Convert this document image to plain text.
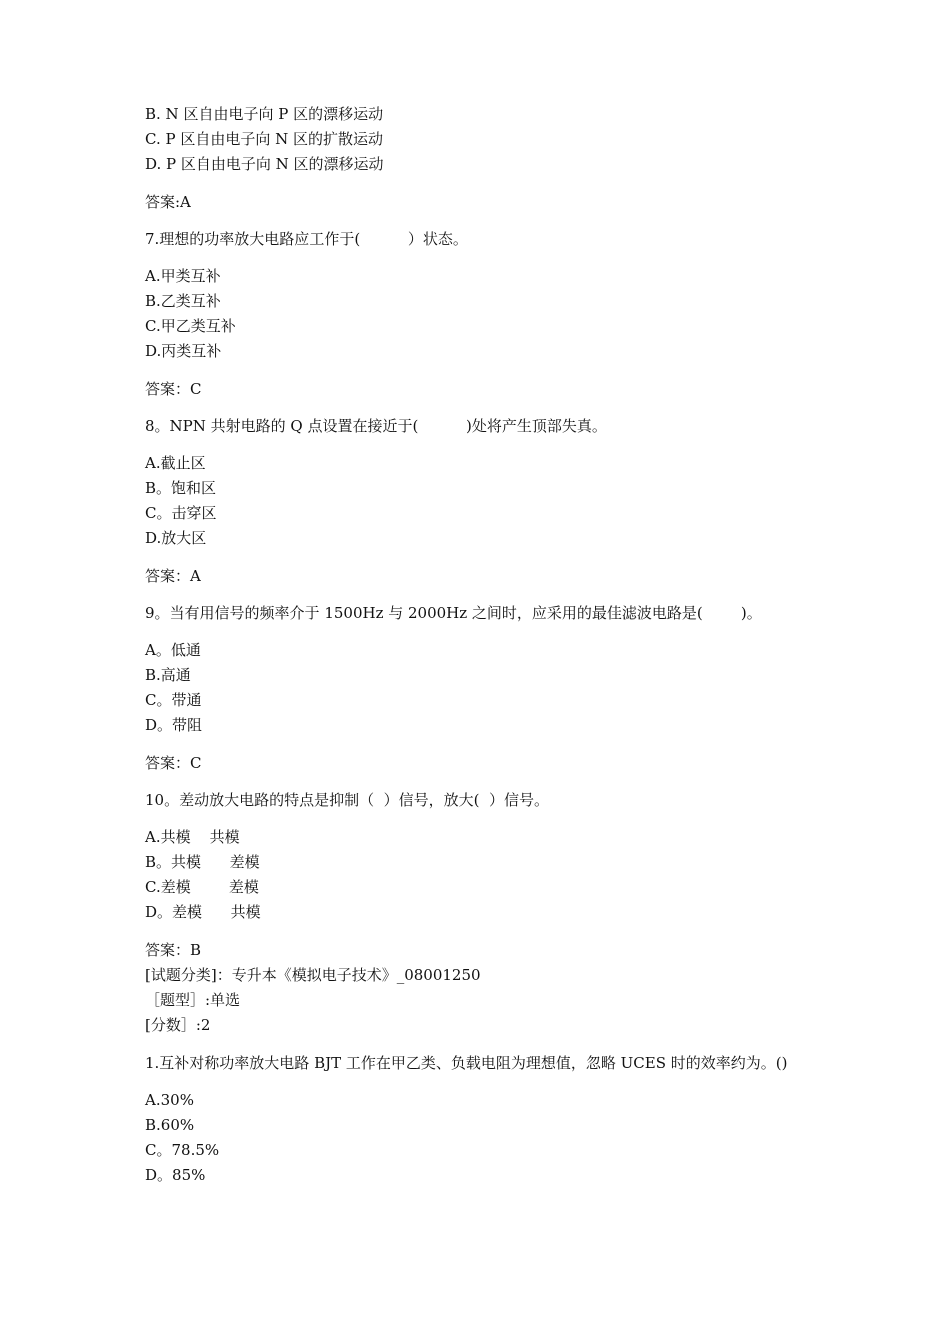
B. N 区自由电子向 P 区的漂移运动
C. P 区自由电子向 N 区的扩散运动
D. P 区自由电子向 N 区的漂移运动
答案:A
7.理想的功率放大电路应工作于(          ）状态。
A.甲类互补
B.乙类互补
C.甲乙类互补
D.丙类互补
答案：C
8。NPN 共射电路的 Q 点设置在接近于(          )处将产生顶部失真。
A.截止区
B。饱和区
C。击穿区
D.放大区
答案：A
9。当有用信号的频率介于 1500Hz 与 2000Hz 之间时，应采用的最佳滤波电路是(        )。
A。低通
B.高通
C。带通
D。带阻
答案：C
10。差动放大电路的特点是抑制（  ）信号，放大(  ）信号。
A.共模    共模
B。共模      差模
C.差模        差模
D。差模      共模
答案：B
[试题分类]：专升本《模拟电子技术》_08001250
［题型］:单选
[分数］:2
1.互补对称功率放大电路 BJT 工作在甲乙类、负载电阻为理想值，忽略 UCES 时的效率约为。()
A.30%
B.60%
C。78.5%
D。85%
